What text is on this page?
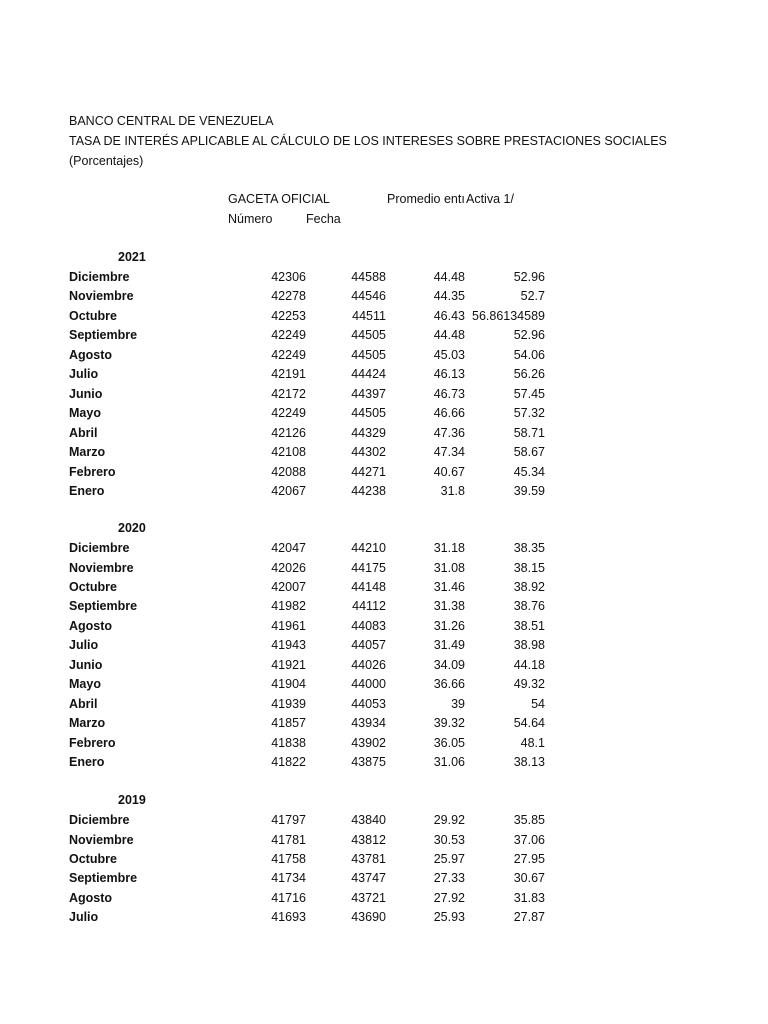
BANCO CENTRAL DE VENEZUELA
TASA DE INTERÉS APLICABLE AL CÁLCULO DE LOS INTERESES SOBRE PRESTACIONES SOCIALES
(Porcentajes)
GACETA OFICIAL	Promedio entı Activa 1/
Número	Fecha
2021
Diciembre	42306	44588	44.48	52.96
Noviembre	42278	44546	44.35	52.7
Octubre	42253	44511	46.43 56.86134589
Septiembre	42249	44505	44.48	52.96
Agosto	42249	44505	45.03	54.06
Julio	42191	44424	46.13	56.26
Junio	42172	44397	46.73	57.45
Mayo	42249	44505	46.66	57.32
Abril	42126	44329	47.36	58.71
Marzo	42108	44302	47.34	58.67
Febrero	42088	44271	40.67	45.34
Enero	42067	44238	31.8	39.59
2020
Diciembre	42047	44210	31.18	38.35
Noviembre	42026	44175	31.08	38.15
Octubre	42007	44148	31.46	38.92
Septiembre	41982	44112	31.38	38.76
Agosto	41961	44083	31.26	38.51
Julio	41943	44057	31.49	38.98
Junio	41921	44026	34.09	44.18
Mayo	41904	44000	36.66	49.32
Abril	41939	44053	39	54
Marzo	41857	43934	39.32	54.64
Febrero	41838	43902	36.05	48.1
Enero	41822	43875	31.06	38.13
2019
Diciembre	41797	43840	29.92	35.85
Noviembre	41781	43812	30.53	37.06
Octubre	41758	43781	25.97	27.95
Septiembre	41734	43747	27.33	30.67
Agosto	41716	43721	27.92	31.83
Julio	41693	43690	25.93	27.87
